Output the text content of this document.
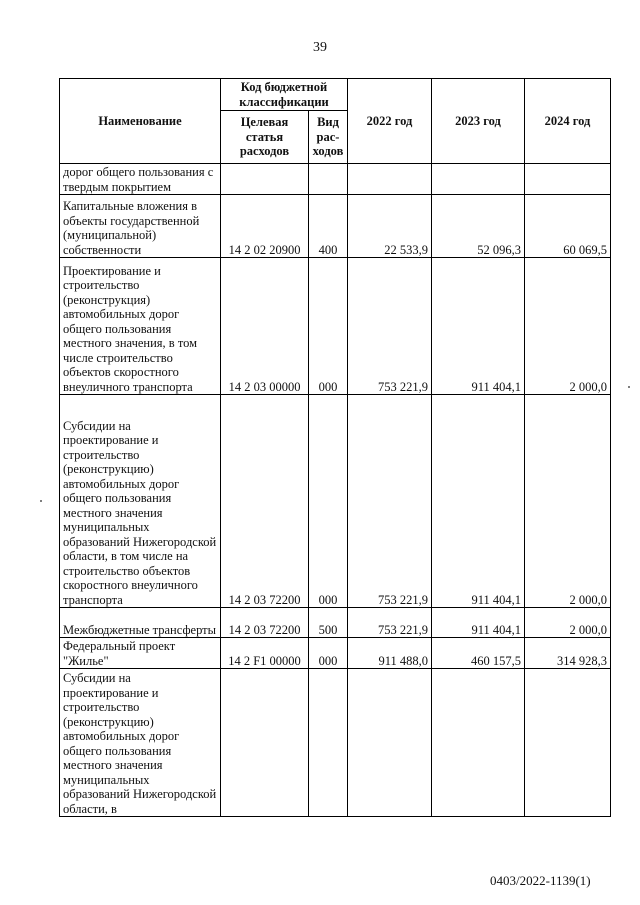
39
Наименование	Код бюджетной классификации		2022 год	2023 год	2024 год
	Целевая статья расходов	Вид рас- ходов			
дорог общего пользования с твердым покрытием					
Капитальные вложения в объекты государственной (муниципальной) собственности	14 2 02 20900	400	22 533,9	52 096,3	60 069,5
Проектирование и строительство (реконструкция) автомобильных дорог общего пользования местного значения, в том числе строительство объектов скоростного внеуличного транспорта	14 2 03 00000	000	753 221,9	911 404,1	2 000,0
Субсидии на проектирование и строительство (реконструкцию) автомобильных дорог общего пользования местного значения муниципальных образований Нижегородской области, в том числе на строительство объектов скоростного внеуличного транспорта	14 2 03 72200	000	753 221,9	911 404,1	2 000,0
Межбюджетные трансферты	14 2 03 72200	500	753 221,9	911 404,1	2 000,0
Федеральный проект "Жилье"	14 2 F1 00000	000	911 488,0	460 157,5	314 928,3
Субсидии на проектирование и строительство (реконструкцию) автомобильных дорог общего пользования местного значения муниципальных образований Нижегородской области, в					
0403/2022-1139(1)
